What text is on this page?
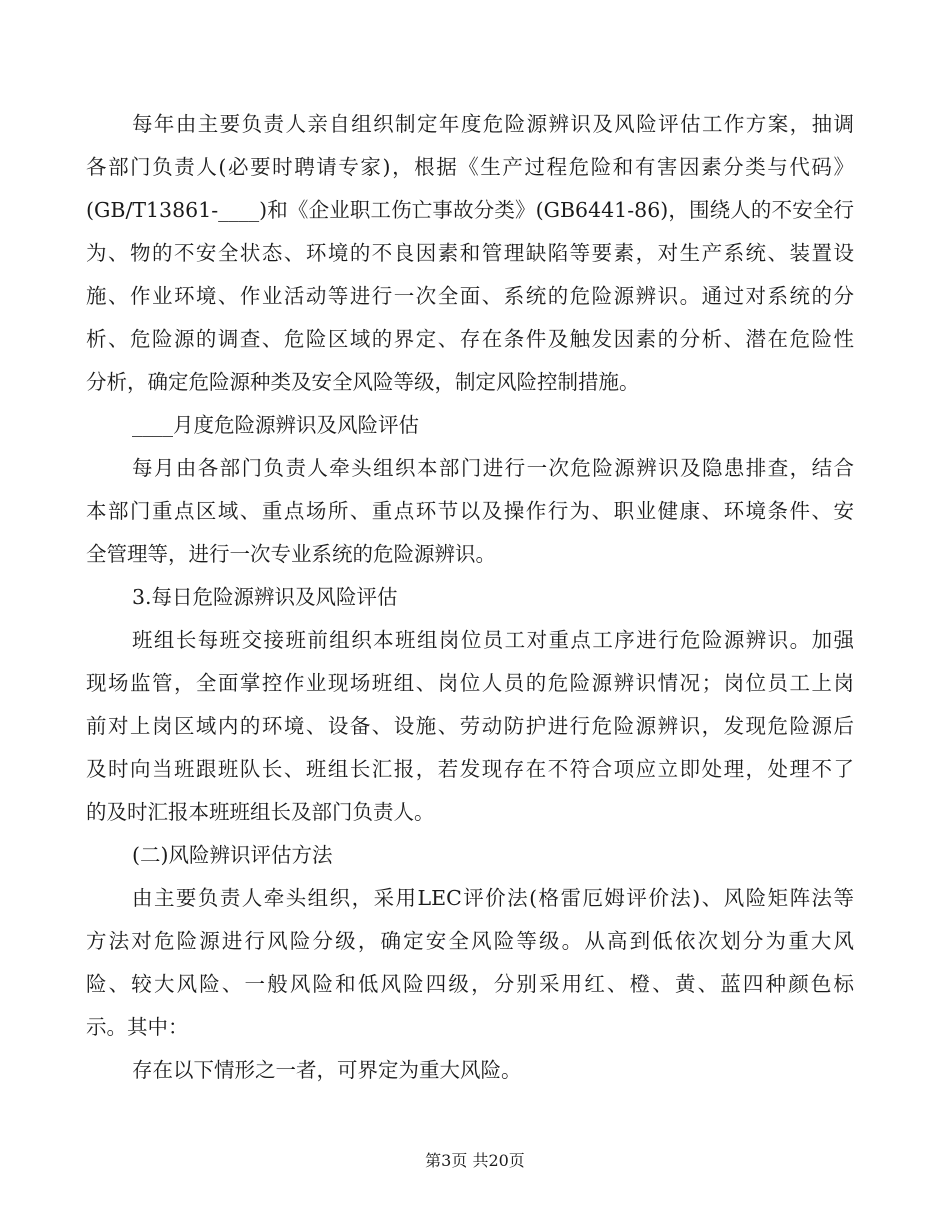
每年由主要负责人亲自组织制定年度危险源辨识及风险评估工作方案，抽调
各部门负责人(必要时聘请专家)，根据《生产过程危险和有害因素分类与代码》
(GB/T13861-____)和《企业职工伤亡事故分类》(GB6441-86)，围绕人的不安全行
为、物的不安全状态、环境的不良因素和管理缺陷等要素，对生产系统、装置设
施、作业环境、作业活动等进行一次全面、系统的危险源辨识。通过对系统的分
析、危险源的调查、危险区域的界定、存在条件及触发因素的分析、潜在危险性
分析，确定危险源种类及安全风险等级，制定风险控制措施。
____月度危险源辨识及风险评估
每月由各部门负责人牵头组织本部门进行一次危险源辨识及隐患排查，结合
本部门重点区域、重点场所、重点环节以及操作行为、职业健康、环境条件、安
全管理等，进行一次专业系统的危险源辨识。
3.每日危险源辨识及风险评估
班组长每班交接班前组织本班组岗位员工对重点工序进行危险源辨识。加强
现场监管，全面掌控作业现场班组、岗位人员的危险源辨识情况；岗位员工上岗
前对上岗区域内的环境、设备、设施、劳动防护进行危险源辨识，发现危险源后
及时向当班跟班队长、班组长汇报，若发现存在不符合项应立即处理，处理不了
的及时汇报本班班组长及部门负责人。
(二)风险辨识评估方法
由主要负责人牵头组织，采用LEC评价法(格雷厄姆评价法)、风险矩阵法等
方法对危险源进行风险分级，确定安全风险等级。从高到低依次划分为重大风
险、较大风险、一般风险和低风险四级，分别采用红、橙、黄、蓝四种颜色标
示。其中：
存在以下情形之一者，可界定为重大风险。
第3页 共20页
